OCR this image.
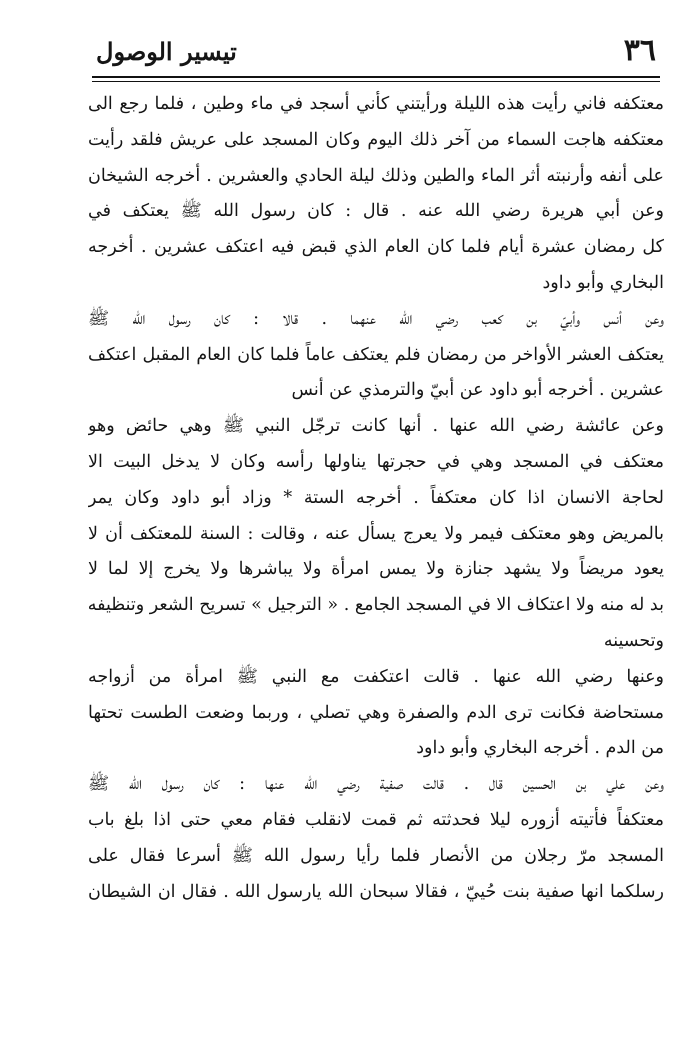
٣٦
تيسير الوصول
معتكفه فاني رأيت هذه الليلة ورأيتني كأني أسجد في ماء وطين ، فلما رجع الى
معتكفه هاجت السماء من آخر ذلك اليوم وكان المسجد على عريش فلقد رأيت
على أنفه وأرنبته أثر الماء والطين وذلك ليلة الحادي والعشرين . أخرجه الشيخان
وعن أبي هريرة رضي الله عنه . قال : كان رسول الله ﷺ يعتكف في
كل رمضان عشرة أيام فلما كان العام الذي قبض فيه اعتكف عشرين . أخرجه
البخاري وأبو داود
وعن أنس وأبيّ بن كعب رضي الله عنهما . قالا : كان رسول الله ﷺ
يعتكف العشر الأواخر من رمضان فلم يعتكف عاماً فلما كان العام المقبل اعتكف
عشرين . أخرجه أبو داود عن أبيّ والترمذي عن أنس
وعن عائشة رضي الله عنها . أنها كانت ترجّل النبي ﷺ وهي حائض وهو
معتكف في المسجد وهي في حجرتها يناولها رأسه وكان لا يدخل البيت الا
لحاجة الانسان اذا كان معتكفاً . أخرجه الستة * وزاد أبو داود وكان يمر
بالمريض وهو معتكف فيمر ولا يعرج يسأل عنه ، وقالت : السنة للمعتكف أن لا
يعود مريضاً ولا يشهد جنازة ولا يمس امرأة ولا يباشرها ولا يخرج إلا لما لا
بد له منه ولا اعتكاف الا في المسجد الجامع . « الترجيل » تسريح الشعر وتنظيفه
وتحسينه
وعنها رضي الله عنها . قالت اعتكفت مع النبي ﷺ امرأة من أزواجه
مستحاضة فكانت ترى الدم والصفرة وهي تصلي ، وربما وضعت الطست تحتها
من الدم . أخرجه البخاري وأبو داود
وعن علي بن الحسين قال . قالت صفية رضي الله عنها : كان رسول الله ﷺ
معتكفاً فأتيته أزوره ليلا فحدثته ثم قمت لانقلب فقام معي حتى اذا بلغ باب
المسجد مرّ رجلان من الأنصار فلما رأيا رسول الله ﷺ أسرعا فقال على
رسلكما انها صفية بنت حُييّ ، فقالا سبحان الله يارسول الله . فقال ان الشيطان
